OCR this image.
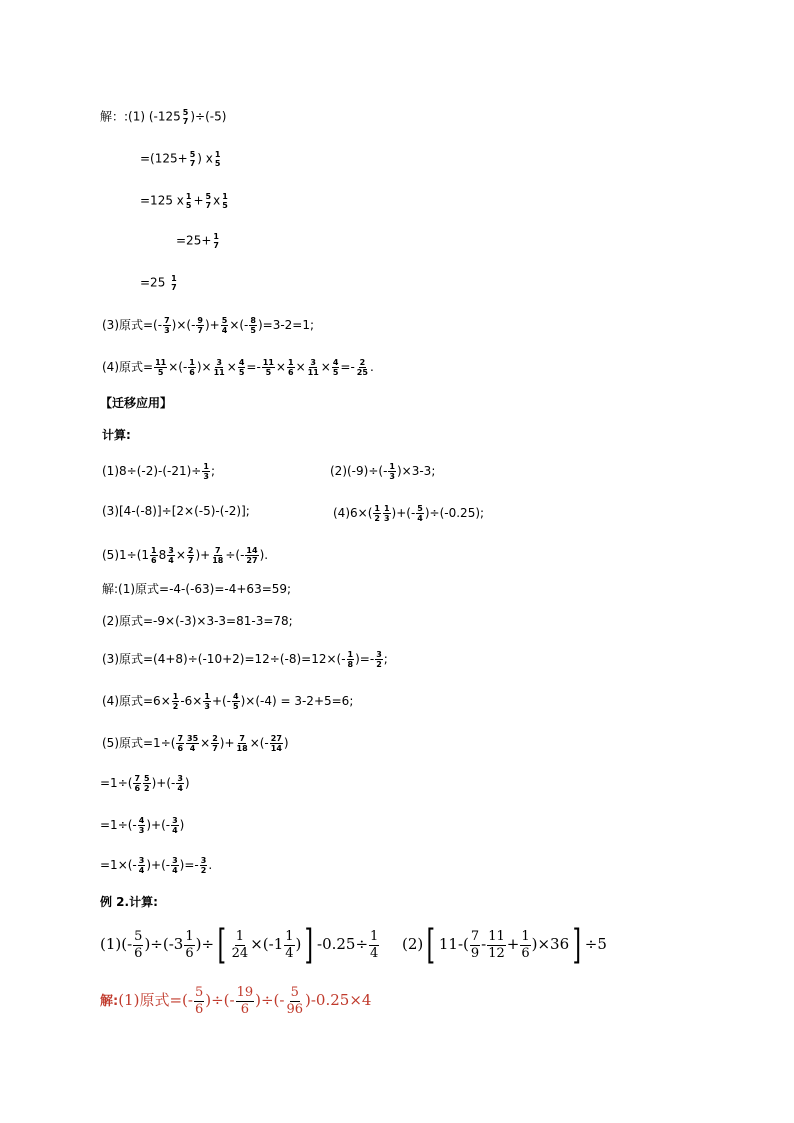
解：:(1) (-125 5
7 )÷(-5)
=(125+ 5
7 ) x 1
5
=125 x 1
5 + 5
7 x 1
5
=25+ 1
7
=25 1
7
(3)原式=(- $\frac{7}{3}$ )×(- $\frac{9}{7}$ )+ $\frac{5}{4}$ ×(- $\frac{8}{5} )=3-2=1$;
(4)原式= $\frac{11}{5}$ ×(- $\frac{1}{6}$ )× $\frac{3}{11} \times \frac{4}{5} =- \frac{11}{5} \times \frac{1}{6} \times \frac{3}{11} \times \frac{4}{5} =- \frac{2}{25}$ .
【迁移应用】
计算:
$(1)8\div(-2)-(-21)\div \frac{1}{3}$ ;	$(2)(-9)\div(- \frac{1}{3} )\times 3-3$;
(3)[4-(-8)]÷[2×(-5)-(-2)];	$(4)6\times( \frac{1}{2} \frac{1}{3}$ )+(- $\frac{5}{4} )\div(-0.25)$;
$(5)1\div(1 \frac{1}{6} 8 \frac{3}{4} \times \frac{2}{7}$ )+ $\frac{7}{18}$ ÷(- $\frac{14}{27}$ ).
解:(1)原式=-4-(-63)=-4+63=59;
(2)原式=-9×(-3)×3-3=81-3=78;
(3)原式$=(4+8)\div(-10+2)=12\div(-8)=12\times(- \frac{1}{8}$ )=- $\frac{3}{2}$ ;
(4)原式$=6\times \frac{1}{2} -6\times \frac{1}{3}$ +(- $\frac{4}{5} )\times(-4) = 3-2+5=6$;
(5)原式$=1\div( \frac{7}{6} \frac{35}{4} \times \frac{2}{7}$ )+ $\frac{7}{18}$ ×(- $\frac{27}{14}$ )
$=1\div( \frac{7}{6} \frac{5}{2}$ )+(- $\frac{3}{4}$ )
$=1\div(- \frac{4}{3}$ )+(- $\frac{3}{4}$ )
$=1\times(- \frac{3}{4}$ )+(- $\frac{3}{4}$ )=- $\frac{3}{2}$ .
例 2.计算:
$(1)(- \frac{5}{6} )\div(-3 \frac{1}{6}$ )÷[ $\frac{1}{24} \times(-1 \frac{1}{4}$ )] $-0.25\div \frac{1}{4} (2)$[ $11-( \frac{7}{9} - \frac{11}{12} + \frac{1}{6} )\times 36] \div 5$
解:(1)原式=(- $\frac{5}{6}$ )÷(- $\frac{19}{6}$ )÷(- $\frac{5}{96} )-0.25\times 4$
